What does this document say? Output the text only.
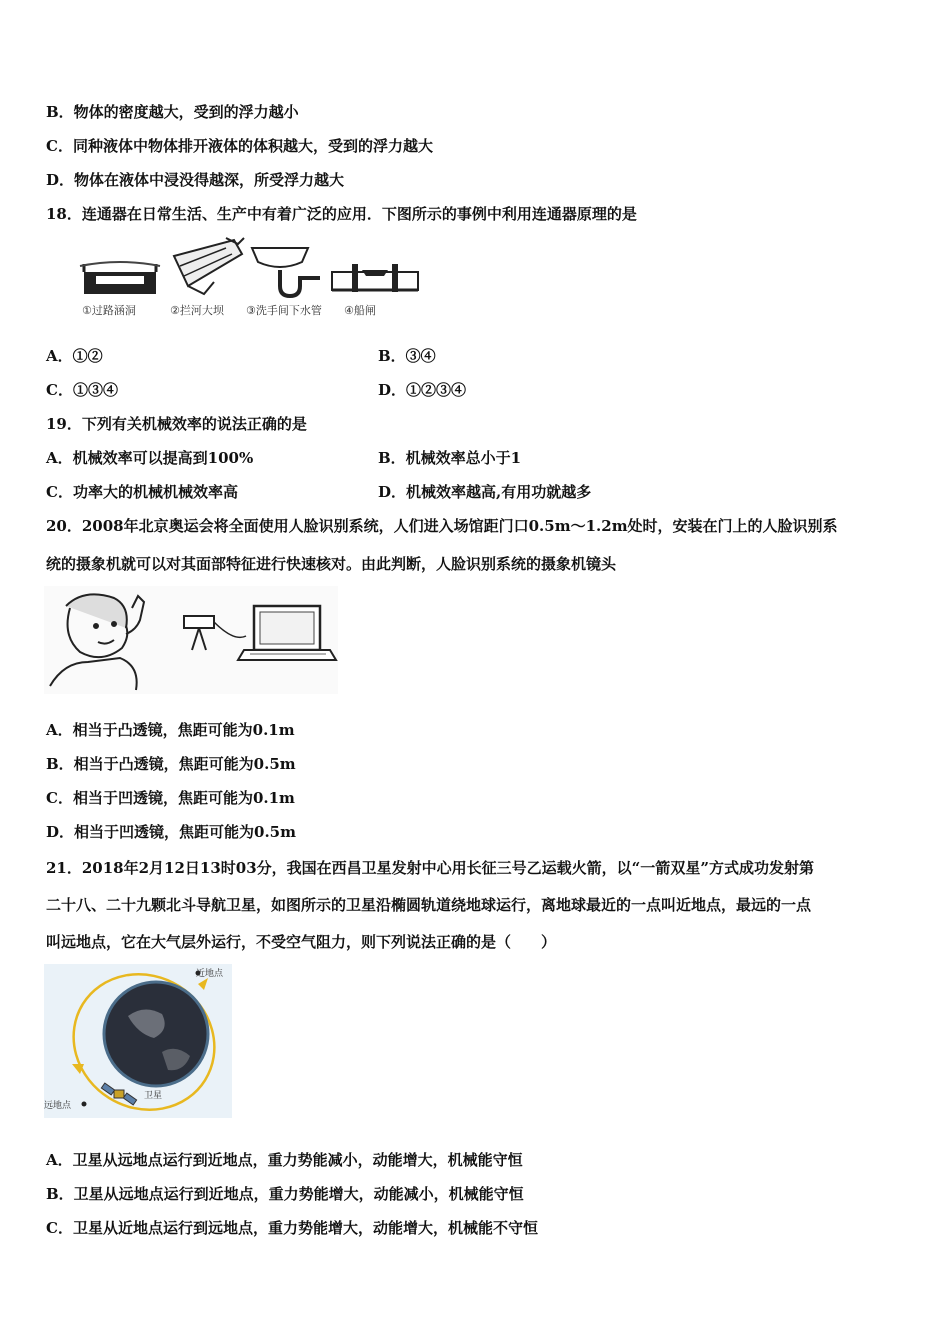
B．物体的密度越大，受到的浮力越小
C．同种液体中物体排开液体的体积越大，受到的浮力越大
D．物体在液体中浸没得越深，所受浮力越大
18．连通器在日常生活、生产中有着广泛的应用．下图所示的事例中利用连通器原理的是
①过路涵洞	②拦河大坝 ③洗手间下水管 ④船闸
A．①②	B．③④
C．①③④	D．①②③④
19．下列有关机械效率的说法正确的是
A．机械效率可以提高到100%	B．机械效率总小于1
C．功率大的机械机械效率高	D．机械效率越高,有用功就越多
20．2008年北京奥运会将全面使用人脸识别系统，人们进入场馆距门口0.5m～1.2m处时，安装在门上的人脸识别系
统的摄象机就可以对其面部特征进行快速核对。由此判断，人脸识别系统的摄象机镜头
A．相当于凸透镜，焦距可能为0.1m
B．相当于凸透镜，焦距可能为0.5m
C．相当于凹透镜，焦距可能为0.1m
D．相当于凹透镜，焦距可能为0.5m
21．2018年2月12日13时03分，我国在西昌卫星发射中心用长征三号乙运载火箭，以“一箭双星”方式成功发射第
二十八、二十九颗北斗导航卫星，如图所示的卫星沿椭圆轨道绕地球运行，离地球最近的一点叫近地点，最远的一点
叫远地点，它在大气层外运行，不受空气阻力，则下列说法正确的是（　　）
近地点
远地点
卫星
A．卫星从远地点运行到近地点，重力势能减小，动能增大，机械能守恒
B．卫星从远地点运行到近地点，重力势能增大，动能减小，机械能守恒
C．卫星从近地点运行到远地点，重力势能增大，动能增大，机械能不守恒
